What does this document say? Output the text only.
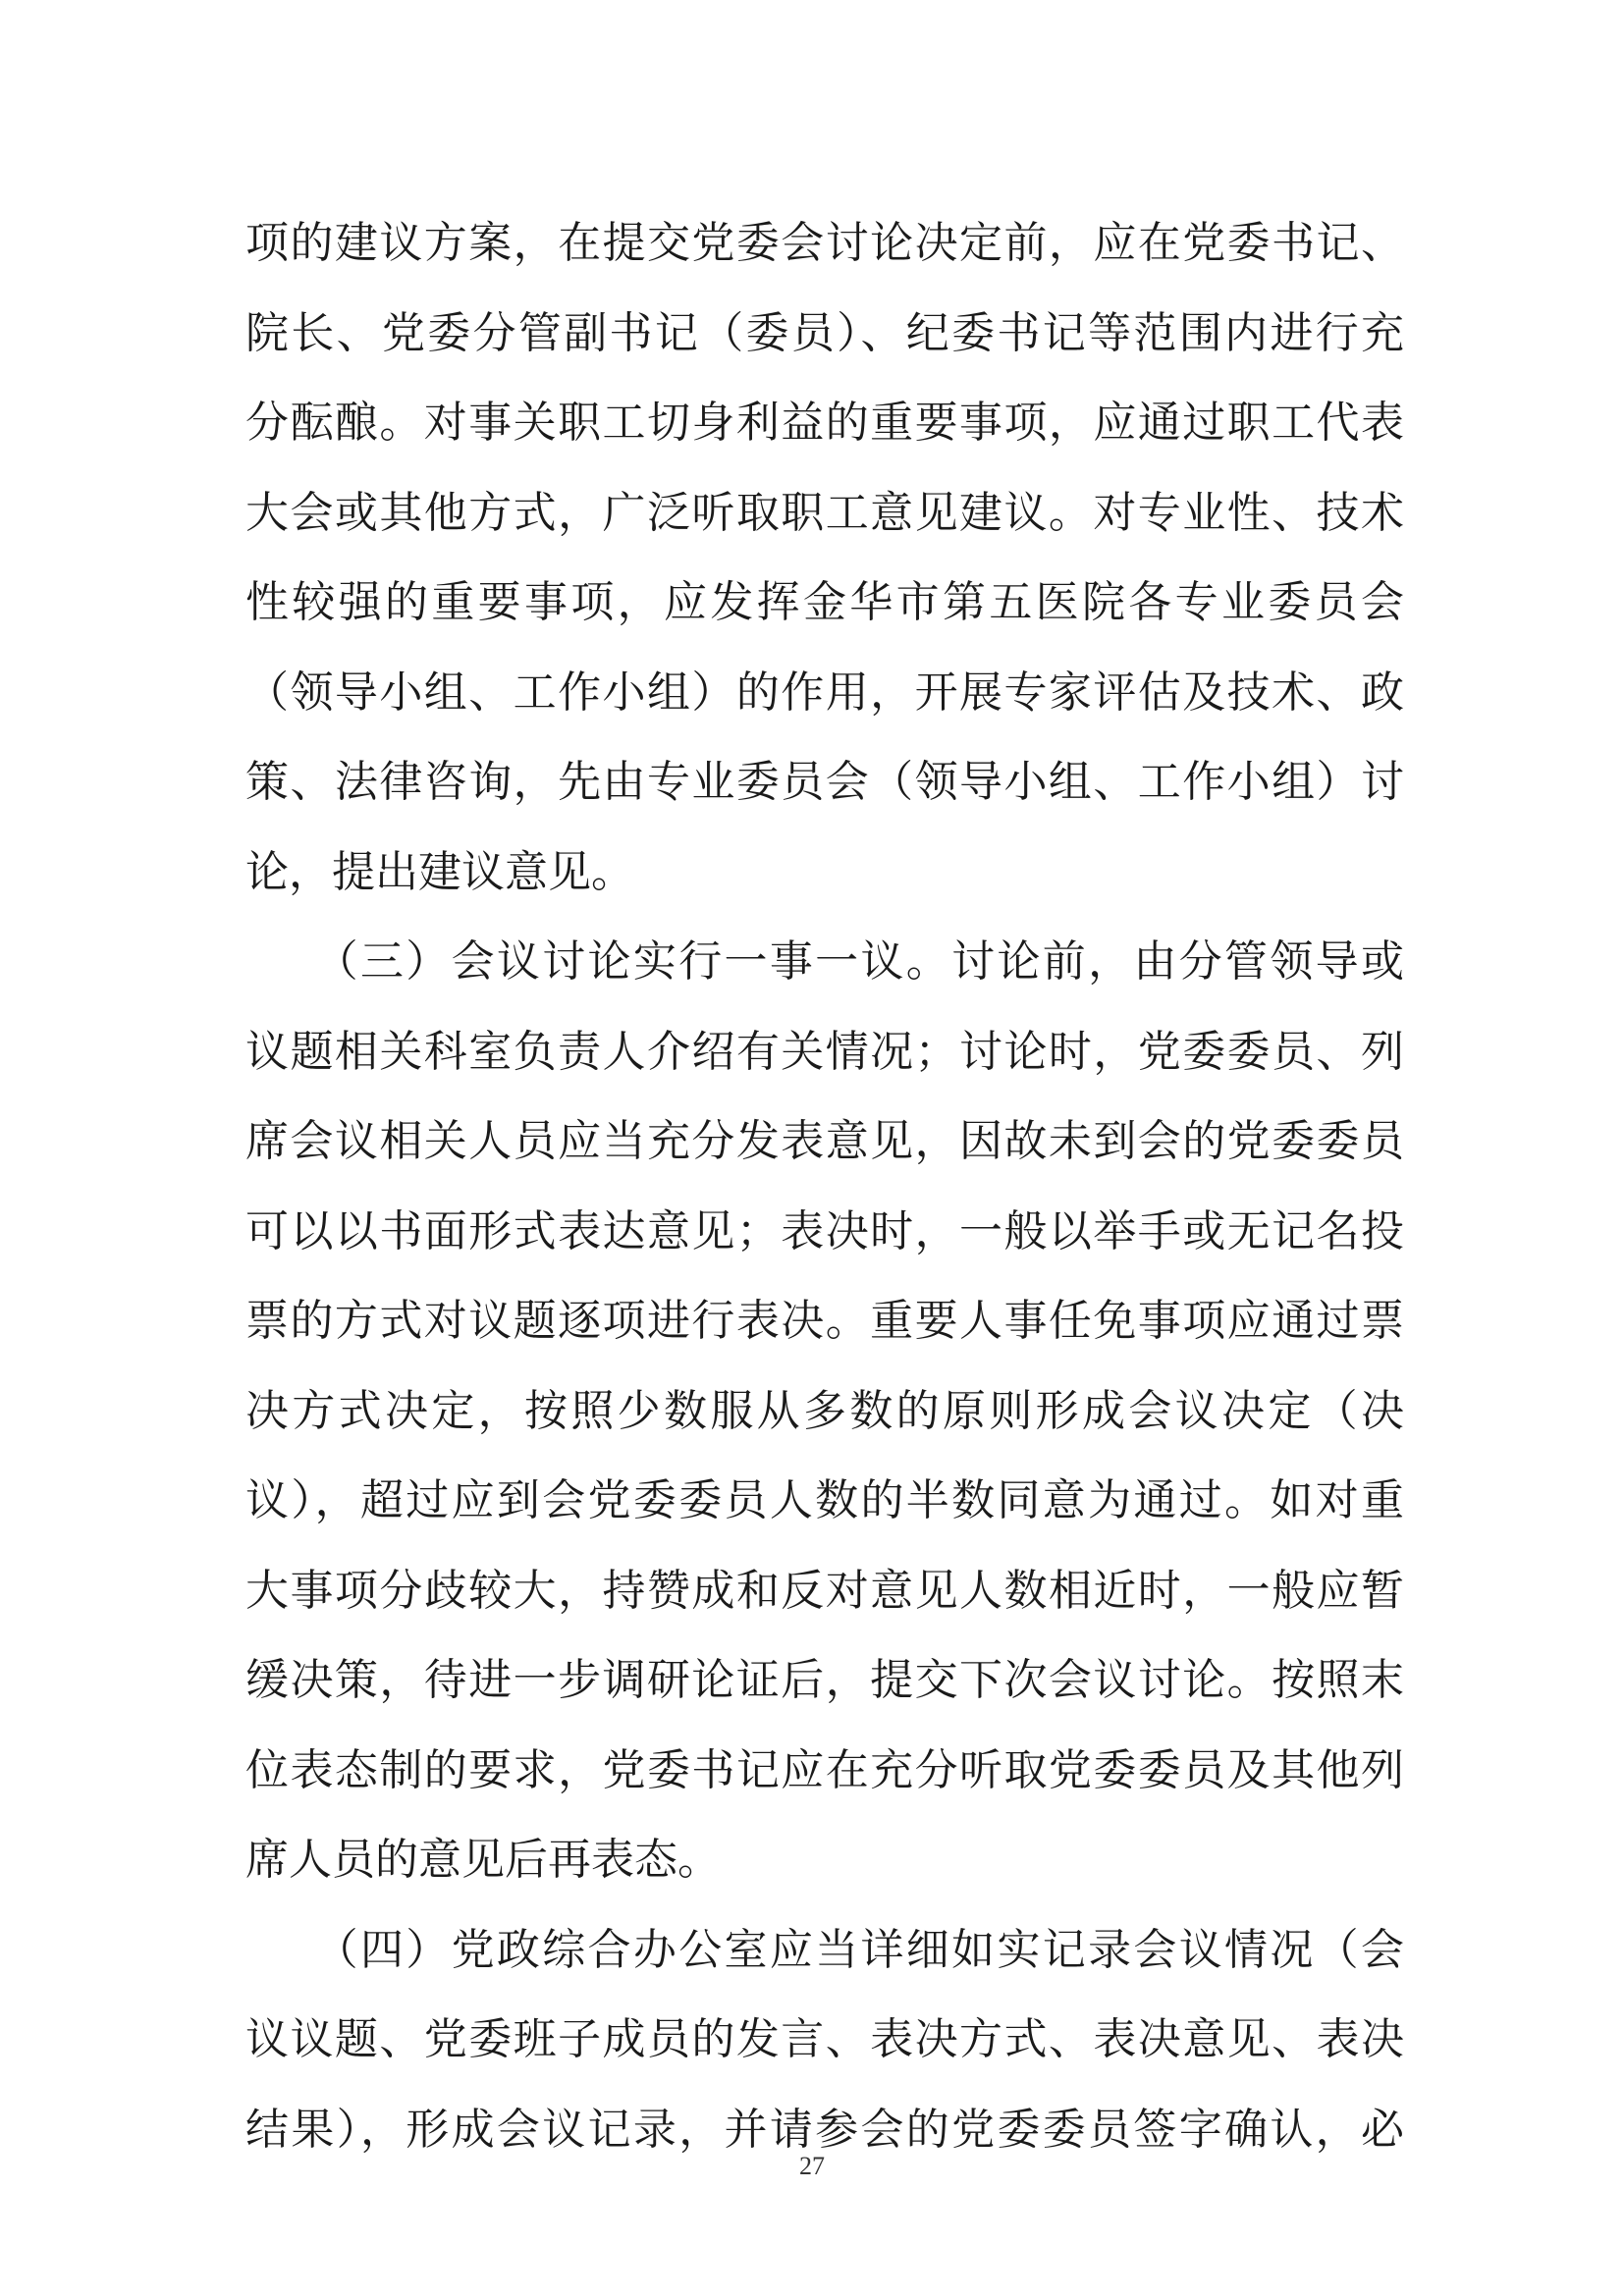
项的建议方案，在提交党委会讨论决定前，应在党委书记、
院长、党委分管副书记（委员）、纪委书记等范围内进行充
分酝酿。对事关职工切身利益的重要事项，应通过职工代表
大会或其他方式，广泛听取职工意见建议。对专业性、技术
性较强的重要事项，应发挥金华市第五医院各专业委员会
（领导小组、工作小组）的作用，开展专家评估及技术、政
策、法律咨询，先由专业委员会（领导小组、工作小组）讨
论，提出建议意见。
　　（三）会议讨论实行一事一议。讨论前，由分管领导或
议题相关科室负责人介绍有关情况；讨论时，党委委员、列
席会议相关人员应当充分发表意见，因故未到会的党委委员
可以以书面形式表达意见；表决时，一般以举手或无记名投
票的方式对议题逐项进行表决。重要人事任免事项应通过票
决方式决定，按照少数服从多数的原则形成会议决定（决
议），超过应到会党委委员人数的半数同意为通过。如对重
大事项分歧较大，持赞成和反对意见人数相近时，一般应暂
缓决策，待进一步调研论证后，提交下次会议讨论。按照末
位表态制的要求，党委书记应在充分听取党委委员及其他列
席人员的意见后再表态。
　　（四）党政综合办公室应当详细如实记录会议情况（会
议议题、党委班子成员的发言、表决方式、表决意见、表决
结果），形成会议记录，并请参会的党委委员签字确认，必
27
